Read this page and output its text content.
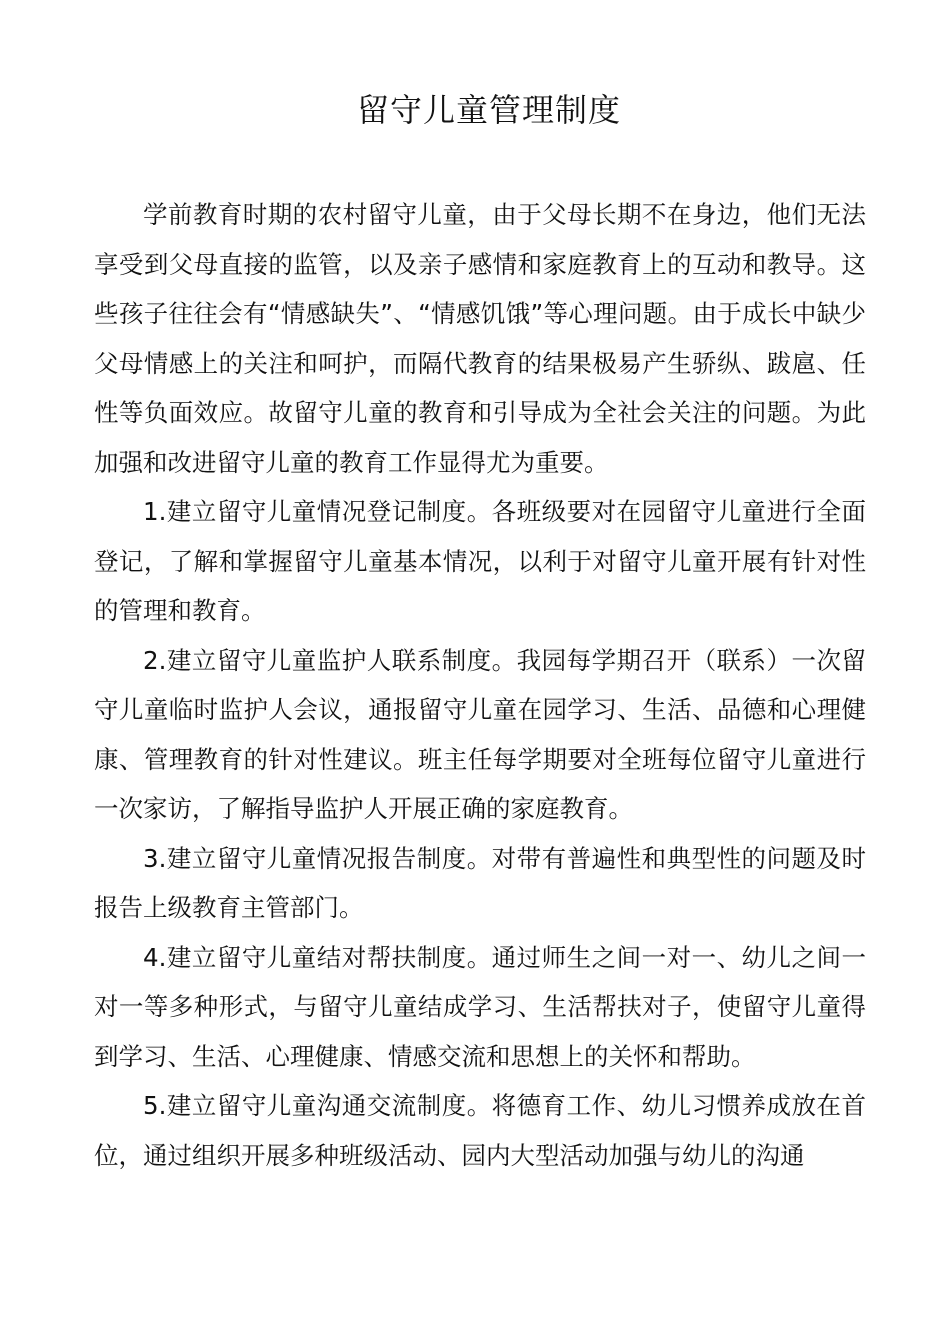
留守儿童管理制度

学前教育时期的农村留守儿童，由于父母长期不在身边，他们无法享受到父母直接的监管，以及亲子感情和家庭教育上的互动和教导。这些孩子往往会有“情感缺失”、“情感饥饿”等心理问题。由于成长中缺少父母情感上的关注和呵护，而隔代教育的结果极易产生骄纵、跋扈、任性等负面效应。故留守儿童的教育和引导成为全社会关注的问题。为此加强和改进留守儿童的教育工作显得尤为重要。

1.建立留守儿童情况登记制度。各班级要对在园留守儿童进行全面登记，了解和掌握留守儿童基本情况，以利于对留守儿童开展有针对性的管理和教育。

2.建立留守儿童监护人联系制度。我园每学期召开（联系）一次留守儿童临时监护人会议，通报留守儿童在园学习、生活、品德和心理健康、管理教育的针对性建议。班主任每学期要对全班每位留守儿童进行一次家访，了解指导监护人开展正确的家庭教育。

3.建立留守儿童情况报告制度。对带有普遍性和典型性的问题及时报告上级教育主管部门。

4.建立留守儿童结对帮扶制度。通过师生之间一对一、幼儿之间一对一等多种形式，与留守儿童结成学习、生活帮扶对子，使留守儿童得到学习、生活、心理健康、情感交流和思想上的关怀和帮助。

5.建立留守儿童沟通交流制度。将德育工作、幼儿习惯养成放在首位，通过组织开展多种班级活动、园内大型活动加强与幼儿的沟通
